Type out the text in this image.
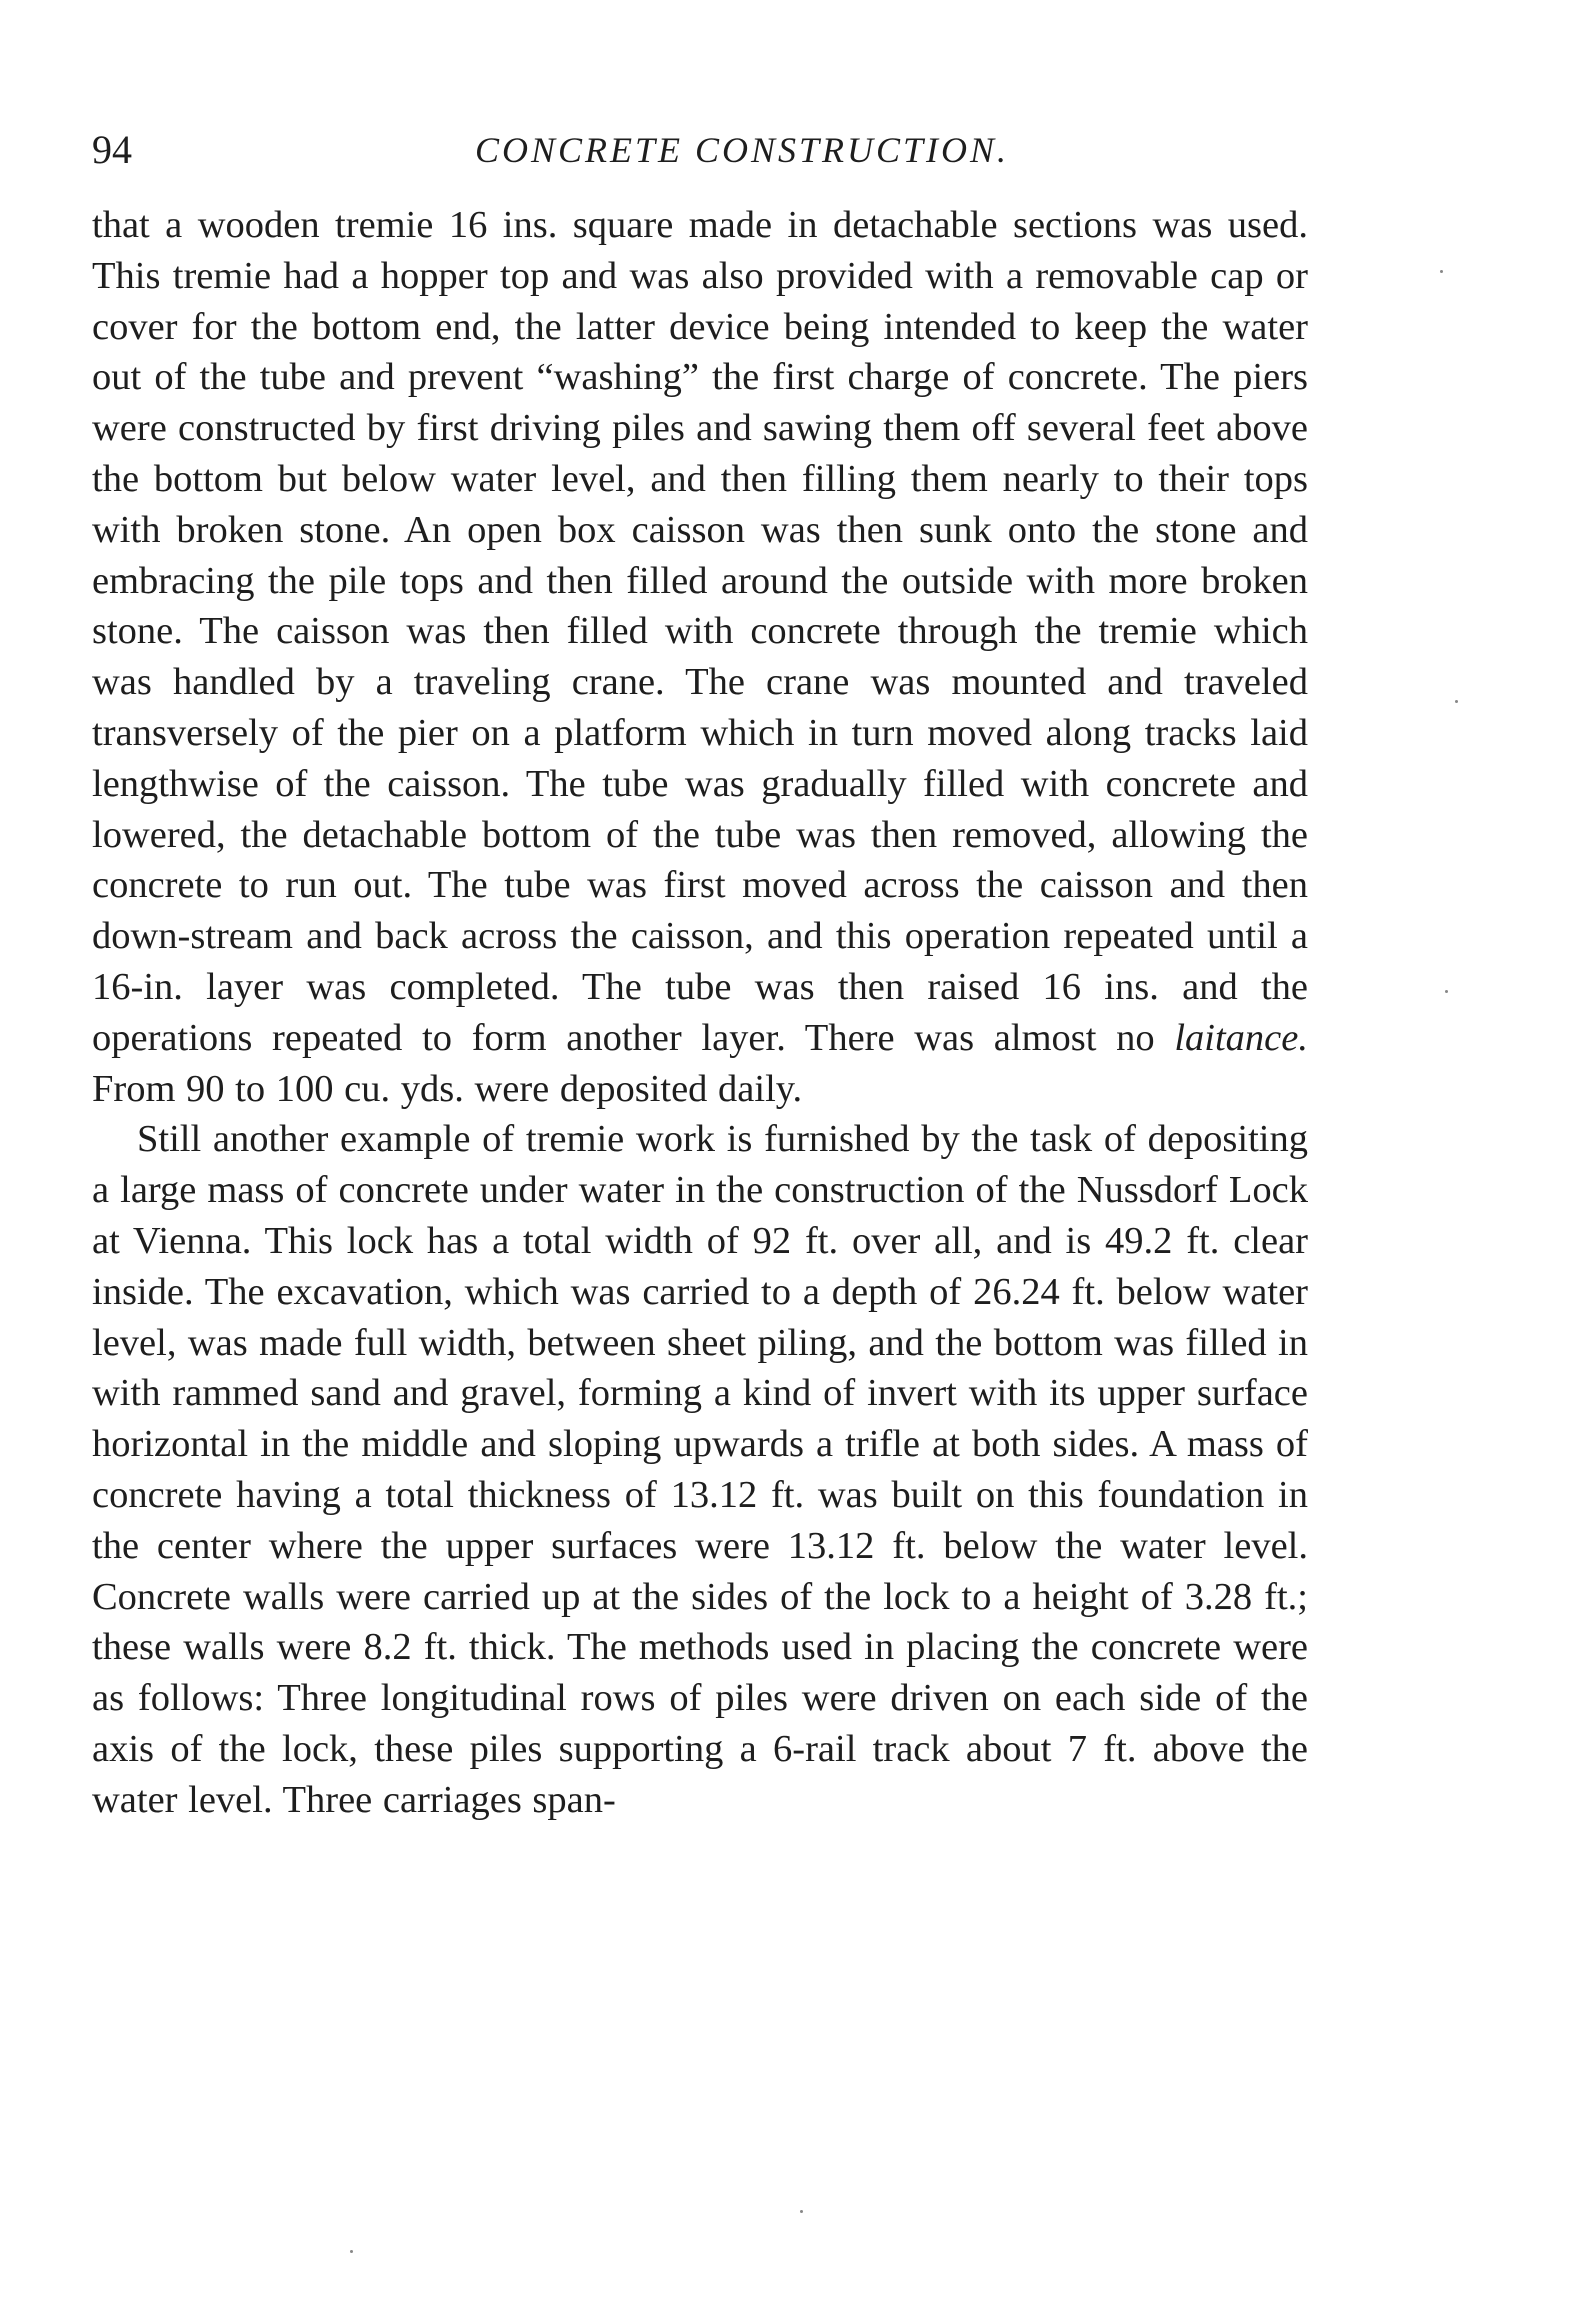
94	CONCRETE CONSTRUCTION.

that a wooden tremie 16 ins. square made in detachable sections was used. This tremie had a hopper top and was also provided with a removable cap or cover for the bottom end, the latter device being intended to keep the water out of the tube and prevent “washing” the first charge of concrete. The piers were constructed by first driving piles and sawing them off several feet above the bottom but below water level, and then filling them nearly to their tops with broken stone. An open box caisson was then sunk onto the stone and embracing the pile tops and then filled around the outside with more broken stone. The caisson was then filled with concrete through the tremie which was handled by a traveling crane. The crane was mounted and traveled transversely of the pier on a platform which in turn moved along tracks laid lengthwise of the caisson. The tube was gradually filled with concrete and lowered, the detachable bottom of the tube was then removed, allowing the concrete to run out. The tube was first moved across the caisson and then down-stream and back across the caisson, and this operation repeated until a 16-in. layer was completed. The tube was then raised 16 ins. and the operations repeated to form another layer. There was almost no laitance. From 90 to 100 cu. yds. were deposited daily.

Still another example of tremie work is furnished by the task of depositing a large mass of concrete under water in the construction of the Nussdorf Lock at Vienna. This lock has a total width of 92 ft. over all, and is 49.2 ft. clear inside. The excavation, which was carried to a depth of 26.24 ft. below water level, was made full width, between sheet piling, and the bottom was filled in with rammed sand and gravel, forming a kind of invert with its upper surface horizontal in the middle and sloping upwards a trifle at both sides. A mass of concrete having a total thickness of 13.12 ft. was built on this foundation in the center where the upper surfaces were 13.12 ft. below the water level. Concrete walls were carried up at the sides of the lock to a height of 3.28 ft.; these walls were 8.2 ft. thick. The methods used in placing the concrete were as follows: Three longitudinal rows of piles were driven on each side of the axis of the lock, these piles supporting a 6-rail track about 7 ft. above the water level. Three carriages span-
